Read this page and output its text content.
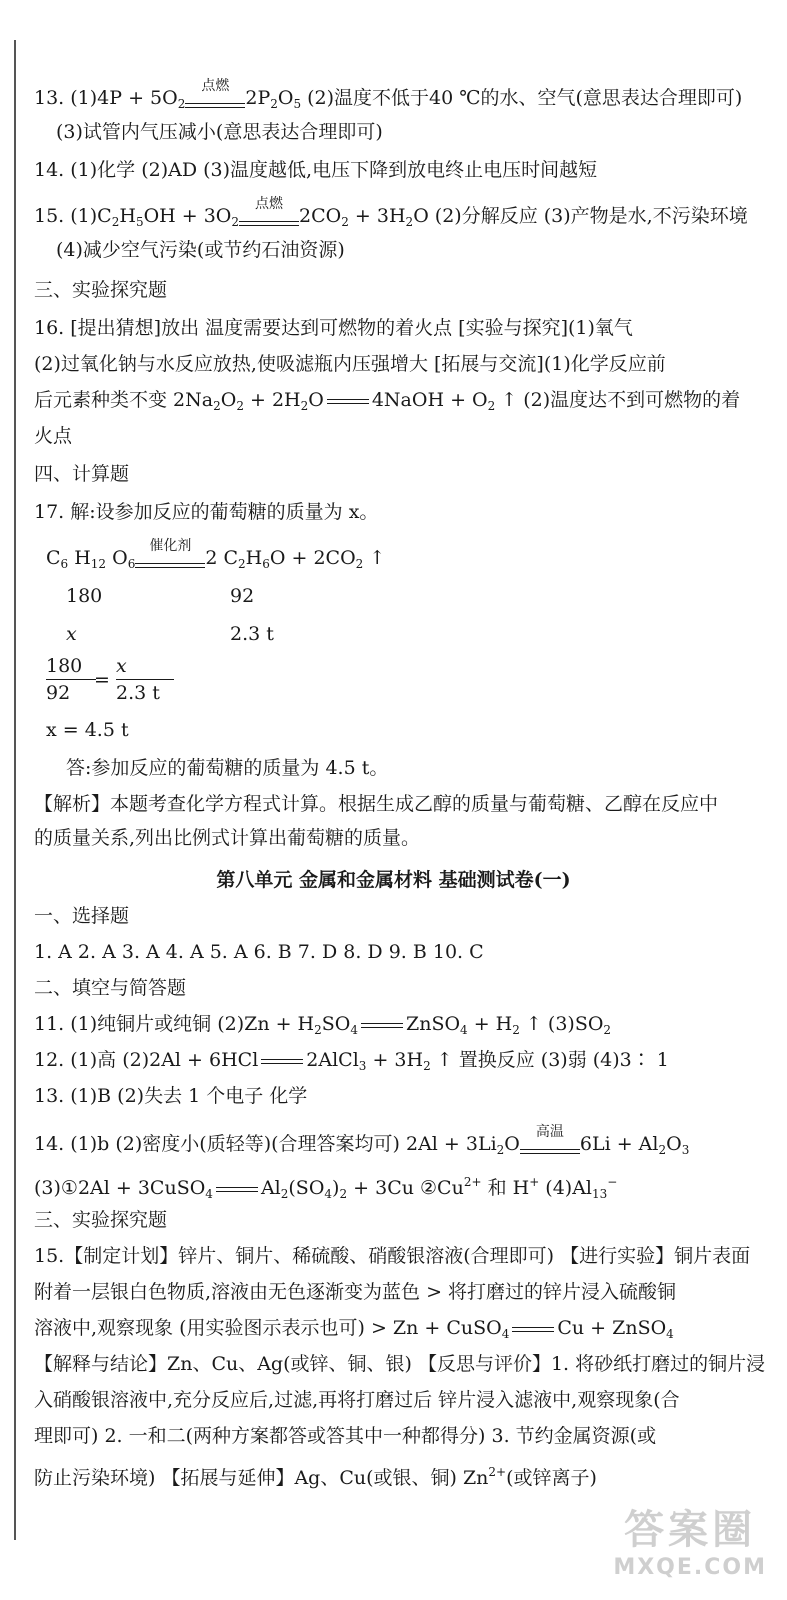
13. $(1)4P + 5O_2$
点燃
$2P_2O_5$ (2)温度不低于40 ℃的水、空气(意思表达合理即可)
(3)试管内气压减小(意思表达合理即可)
14. (1)化学 (2)AD (3)温度越低,电压下降到放电终止电压时间越短
15. $(1)C_2H_5OH + 3O_2$
点燃
$2CO_2 + 3H_2O$ (2)分解反应 (3)产物是水,不污染环境
(4)减少空气污染(或节约石油资源)
三、实验探究题
16. [提出猜想]放出 温度需要达到可燃物的着火点 [实验与探究](1)氧气
(2)过氧化钠与水反应放热,使吸滤瓶内压强增大 [拓展与交流](1)化学反应前
后元素种类不变 $2Na_2O_2 + 2H_2O$	4NaOH + $O_2$ ↑ (2)温度达不到可燃物的着
火点
四、计算题
17. 解:设参加反应的葡萄糖的质量为 x。
$C_6$ $H_{12}$ $O_6$
催化剂
2 $C_2H_6O + 2CO_2$ ↑
180	92
x	2.3 t
180
92
=
x
2.3 t
x = 4.5 t
答:参加反应的葡萄糖的质量为 4.5 t。
【解析】本题考查化学方程式计算。根据生成乙醇的质量与葡萄糖、乙醇在反应中
的质量关系,列出比例式计算出葡萄糖的质量。
第八单元 金属和金属材料 基础测试卷(一)
一、选择题
1. A 2. A 3. A 4. A 5. A 6. B 7. D 8. D 9. B 10. C
二、填空与简答题
11. (1)纯铜片或纯铜 $(2)Zn + H_2SO_4$	ZnSO$_4$ + $H_2$ ↑ $(3)SO_2$
12. (1)高 (2)2Al + 6HCl	2AlCl$_3$ + $3H_2$ ↑ 置换反应 (3)弱 (4)3∶ 1
13. (1)B (2)失去 1 个电子 化学
14. (1)b (2)密度小(质轻等)(合理答案均可) $2Al + 3Li_2O$
高温
$6Li + Al_2O_3$
(3)①2Al + 3CuSO$_4$	$Al_2(SO_4)_2 + 3Cu$ $②Cu^{2+}$ 和 H+ $(4)Al_{13}^-$
三、实验探究题
15.【制定计划】锌片、铜片、稀硫酸、硝酸银溶液(合理即可) 【进行实验】铜片表面
附着一层银白色物质,溶液由无色逐渐变为蓝色 > 将打磨过的锌片浸入硫酸铜
溶液中,观察现象 (用实验图示表示也可) > Zn + CuSO$_4$	Cu + ZnSO$_4$
【解释与结论】Zn、Cu、Ag(或锌、铜、银) 【反思与评价】1. 将砂纸打磨过的铜片浸
入硝酸银溶液中,充分反应后,过滤,再将打磨过后 锌片浸入滤液中,观察现象(合
理即可) 2. 一和二(两种方案都答或答其中一种都得分) 3. 节约金属资源(或
防止污染环境) 【拓展与延伸】Ag、Cu(或银、铜) $Zn^{2+}$(或锌离子)
答案圈
MXQE.COM
